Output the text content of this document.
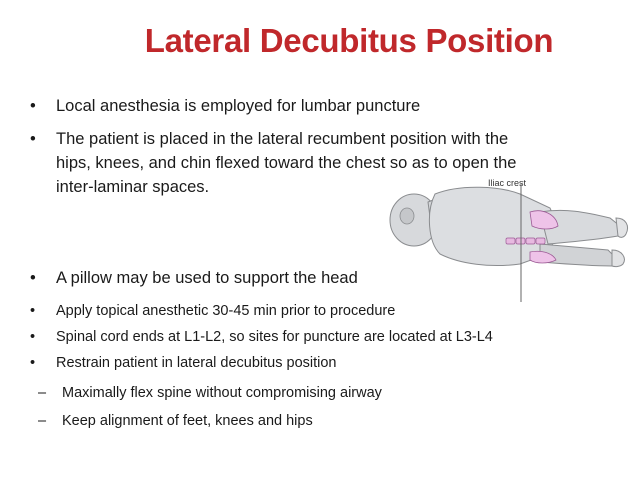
Lateral Decubitus Position
• Local anesthesia is employed for lumbar puncture
• The patient is placed in the lateral recumbent position with the
hips, knees, and chin flexed toward the chest so as to open the
inter-laminar spaces.
• A pillow may be used to support the head
• Apply topical anesthetic 30-45 min prior to procedure
• Spinal cord ends at L1-L2, so sites for puncture are located at L3-L4
• Restrain patient in lateral decubitus position
– Maximally flex spine without compromising airway
– Keep alignment of feet, knees and hips
Iliac crest
